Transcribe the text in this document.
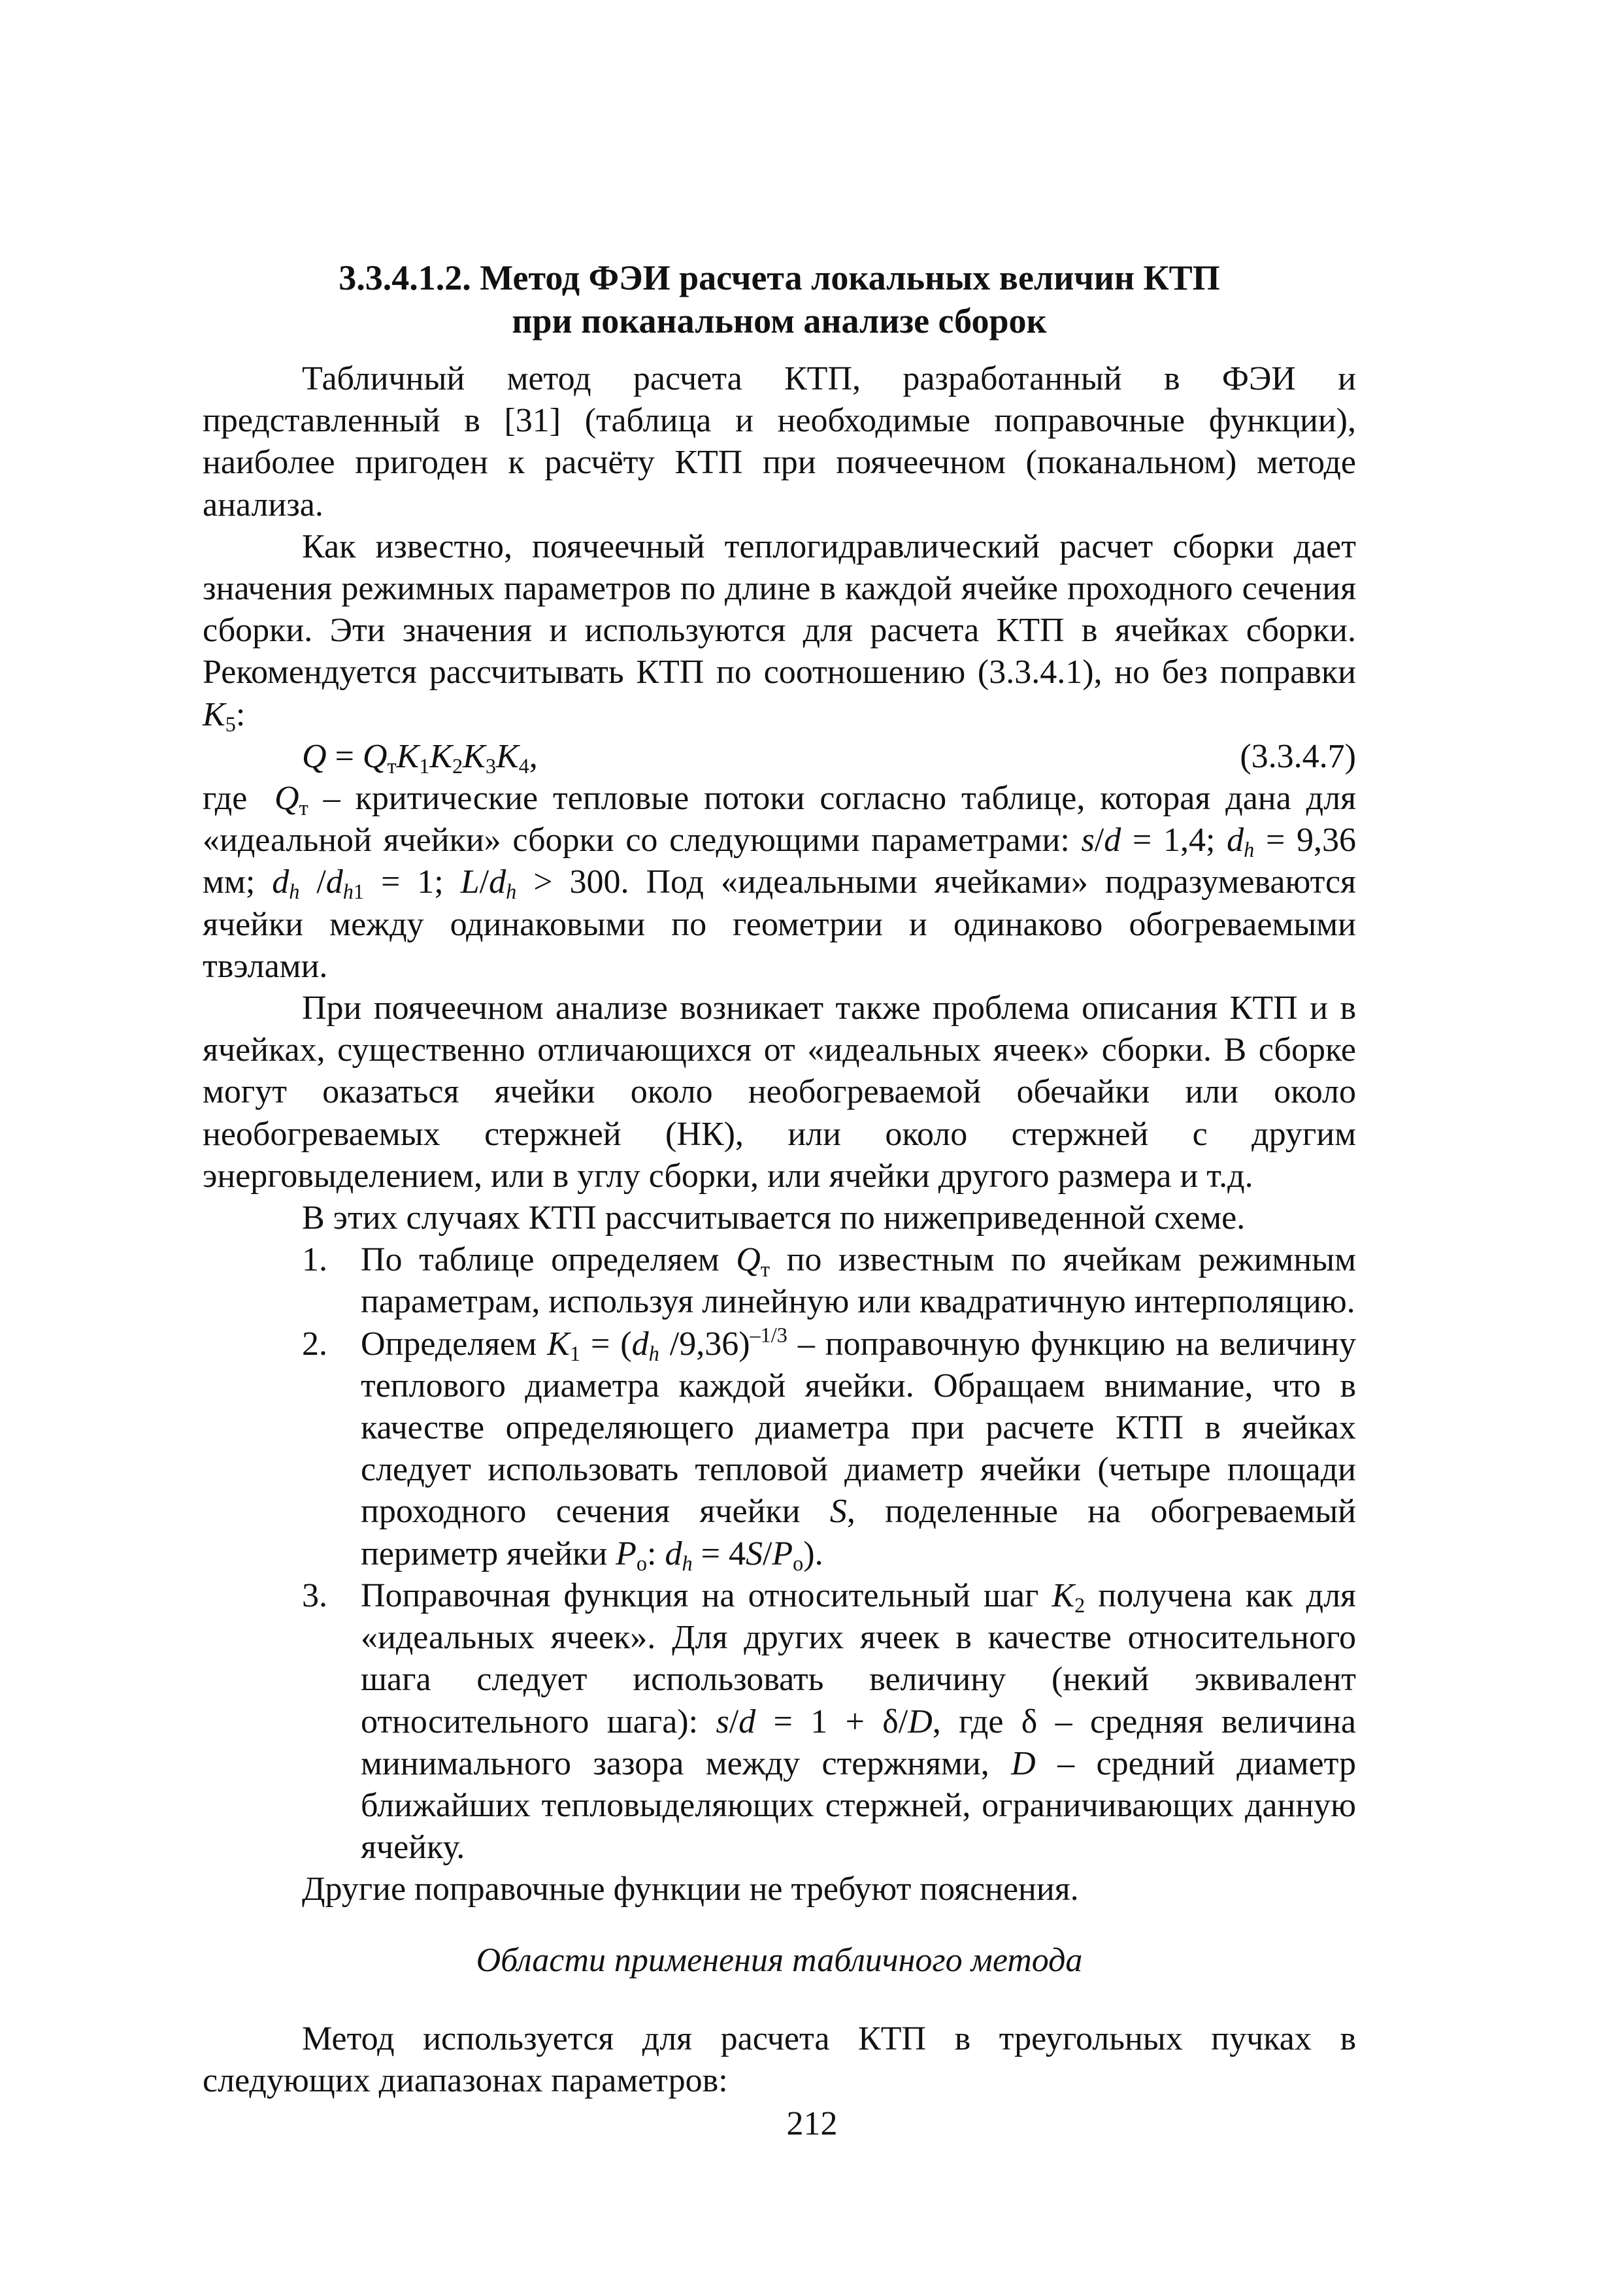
3.3.4.1.2. Метод ФЭИ расчета локальных величин КТП
при поканальном анализе сборок

Табличный метод расчета КТП, разработанный в ФЭИ и представленный в [31] (таблица и необходимые поправочные функции), наиболее пригоден к расчёту КТП при поячеечном (поканальном) методе анализа.

Как известно, поячеечный теплогидравлический расчет сборки дает значения режимных параметров по длине в каждой ячейке проходного сечения сборки. Эти значения и используются для расчета КТП в ячейках сборки. Рекомендуется рассчитывать КТП по соотношению (3.3.4.1), но без поправки $K_5$:

$Q = Q_тK_1K_2K_3K_4$,	(3.3.4.7)

где $Q_т$ – критические тепловые потоки согласно таблице, которая дана для «идеальной ячейки» сборки со следующими параметрами: s/d = 1,4; $d_h = 9,36$ мм; $d_h$ $/d_{h1} = 1$; $L/d_h > 300$. Под «идеальными ячейками» подразумеваются ячейки между одинаковыми по геометрии и одинаково обогреваемыми твэлами.

При поячеечном анализе возникает также проблема описания КТП и в ячейках, существенно отличающихся от «идеальных ячеек» сборки. В сборке могут оказаться ячейки около необогреваемой обечайки или около необогреваемых стержней (НК), или около стержней с другим энерговыделением, или в углу сборки, или ячейки другого размера и т.д.

В этих случаях КТП рассчитывается по нижеприведенной схеме.

1. По таблице определяем $Q_т$ по известным по ячейкам режимным параметрам, используя линейную или квадратичную интерполяцию.
2. Определяем $K_1 = (d_h$ /9,36)$^{-1/3}$ – поправочную функцию на величину теплового диаметра каждой ячейки. Обращаем внимание, что в качестве определяющего диаметра при расчете КТП в ячейках следует использовать тепловой диаметр ячейки (четыре площади проходного сечения ячейки S, поделенные на обогреваемый периметр ячейки $P_о$: $d_h = 4S/P_о$).
3. Поправочная функция на относительный шаг $K_2$ получена как для «идеальных ячеек». Для других ячеек в качестве относительного шага следует использовать величину (некий эквивалент относительного шага): s/d = 1 + δ/D, где δ – средняя величина минимального зазора между стержнями, D – средний диаметр ближайших тепловыделяющих стержней, ограничивающих данную ячейку.

Другие поправочные функции не требуют пояснения.

Области применения табличного метода

Метод используется для расчета КТП в треугольных пучках в следующих диапазонах параметров:

212
